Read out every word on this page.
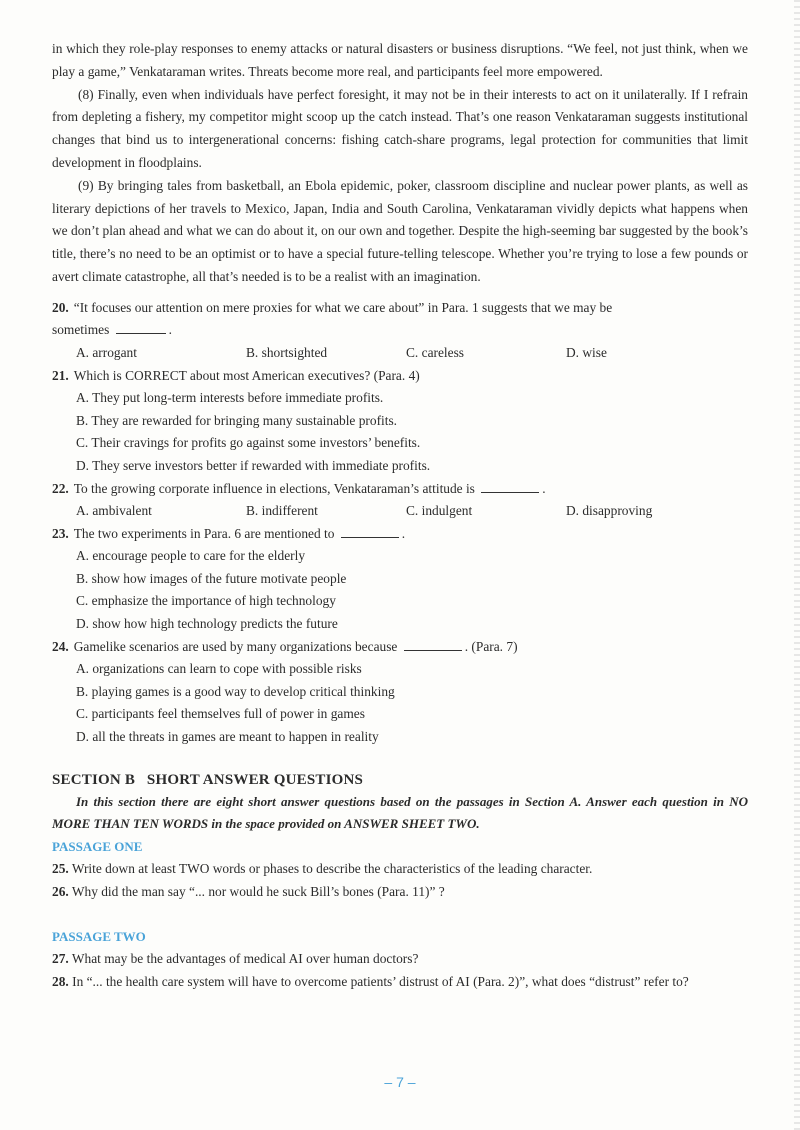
in which they role-play responses to enemy attacks or natural disasters or business disruptions. “We feel, not just think, when we play a game,” Venkataraman writes. Threats become more real, and participants feel more empowered.

(8) Finally, even when individuals have perfect foresight, it may not be in their interests to act on it unilaterally. If I refrain from depleting a fishery, my competitor might scoop up the catch instead. That’s one reason Venkataraman suggests institutional changes that bind us to intergenerational concerns: fishing catch-share programs, legal protection for communities that limit development in floodplains.

(9) By bringing tales from basketball, an Ebola epidemic, poker, classroom discipline and nuclear power plants, as well as literary depictions of her travels to Mexico, Japan, India and South Carolina, Venkataraman vividly depicts what happens when we don’t plan ahead and what we can do about it, on our own and together. Despite the high-seeming bar suggested by the book’s title, there’s no need to be an optimist or to have a special future-telling telescope. Whether you’re trying to lose a few pounds or avert climate catastrophe, all that’s needed is to be a realist with an imagination.

20. “It focuses our attention on mere proxies for what we care about” in Para. 1 suggests that we may be

sometimes	.

A. arrogant	B. shortsighted	C. careless	D. wise

21. Which is CORRECT about most American executives? (Para. 4)

A. They put long-term interests before immediate profits.

B. They are rewarded for bringing many sustainable profits.

C. Their cravings for profits go against some investors’ benefits.

D. They serve investors better if rewarded with immediate profits.

22. To the growing corporate influence in elections, Venkataraman’s attitude is	.

A. ambivalent	B. indifferent	C. indulgent	D. disapproving

23. The two experiments in Para. 6 are mentioned to	.

A. encourage people to care for the elderly

B. show how images of the future motivate people

C. emphasize the importance of high technology

D. show how high technology predicts the future

24. Gamelike scenarios are used by many organizations because	. (Para. 7)

A. organizations can learn to cope with possible risks

B. playing games is a good way to develop critical thinking

C. participants feel themselves full of power in games

D. all the threats in games are meant to happen in reality

SECTION B   SHORT ANSWER QUESTIONS

In this section there are eight short answer questions based on the passages in Section A. Answer each question in NO MORE THAN TEN WORDS in the space provided on ANSWER SHEET TWO.

PASSAGE ONE

25. Write down at least TWO words or phases to describe the characteristics of the leading character.

26. Why did the man say “... nor would he suck Bill’s bones (Para. 11)” ?

PASSAGE TWO

27. What may be the advantages of medical AI over human doctors?

28. In “... the health care system will have to overcome patients’ distrust of AI (Para. 2)”, what does “distrust” refer to?

– 7 –
